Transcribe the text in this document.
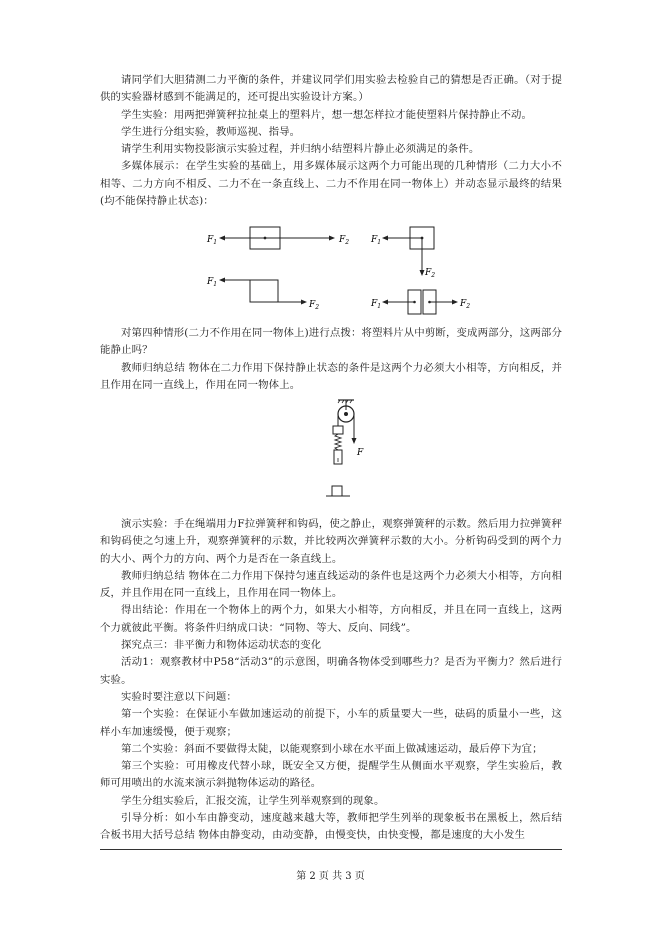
请同学们大胆猜测二力平衡的条件，并建议同学们用实验去检验自己的猜想是否正确。（对于提供的实验器材感到不能满足的，还可提出实验设计方案。）

学生实验：用两把弹簧秤拉扯桌上的塑料片，想一想怎样拉才能使塑料片保持静止不动。

学生进行分组实验，教师巡视、指导。

请学生利用实物投影演示实验过程，并归纳小结塑料片静止必须满足的条件。

多媒体展示：在学生实验的基础上，用多媒体展示这两个力可能出现的几种情形（二力大小不相等、二力方向不相反、二力不在一条直线上、二力不作用在同一物体上）并动态显示最终的结果(均不能保持静止状态)：

$F_1$	$F_2$
$F_1$
$F_2$
$F_1$
$F_2$
$F_1$	$F_2$

对第四种情形(二力不作用在同一物体上)进行点拨：将塑料片从中剪断，变成两部分，这两部分能静止吗？

教师归纳总结 物体在二力作用下保持静止状态的条件是这两个力必须大小相等，方向相反，并且作用在同一直线上，作用在同一物体上。

F

演示实验：手在绳端用力F拉弹簧秤和钩码，使之静止，观察弹簧秤的示数。然后用力拉弹簧秤和钩码使之匀速上升，观察弹簧秤的示数，并比较两次弹簧秤示数的大小。分析钩码受到的两个力的大小、两个力的方向、两个力是否在一条直线上。

教师归纳总结 物体在二力作用下保持匀速直线运动的条件也是这两个力必须大小相等，方向相反，并且作用在同一直线上，且作用在同一物体上。

得出结论：作用在一个物体上的两个力，如果大小相等，方向相反，并且在同一直线上，这两个力就彼此平衡。将条件归纳成口诀：“同物、等大、反向、同线”。

探究点三：非平衡力和物体运动状态的变化

活动1：观察教材中P58“活动3”的示意图，明确各物体受到哪些力？是否为平衡力？然后进行实验。

实验时要注意以下问题：

第一个实验：在保证小车做加速运动的前提下，小车的质量要大一些，砝码的质量小一些，这样小车加速缓慢，便于观察；

第二个实验：斜面不要做得太陡，以能观察到小球在水平面上做减速运动，最后停下为宜；

第三个实验：可用橡皮代替小球，既安全又方便，提醒学生从侧面水平观察，学生实验后，教师可用喷出的水流来演示斜抛物体运动的路径。

学生分组实验后，汇报交流，让学生列举观察到的现象。

引导分析：如小车由静变动，速度越来越大等，教师把学生列举的现象板书在黑板上，然后结合板书用大括号总结 物体由静变动，由动变静，由慢变快，由快变慢，都是速度的大小发生

第 2 页 共 3 页
